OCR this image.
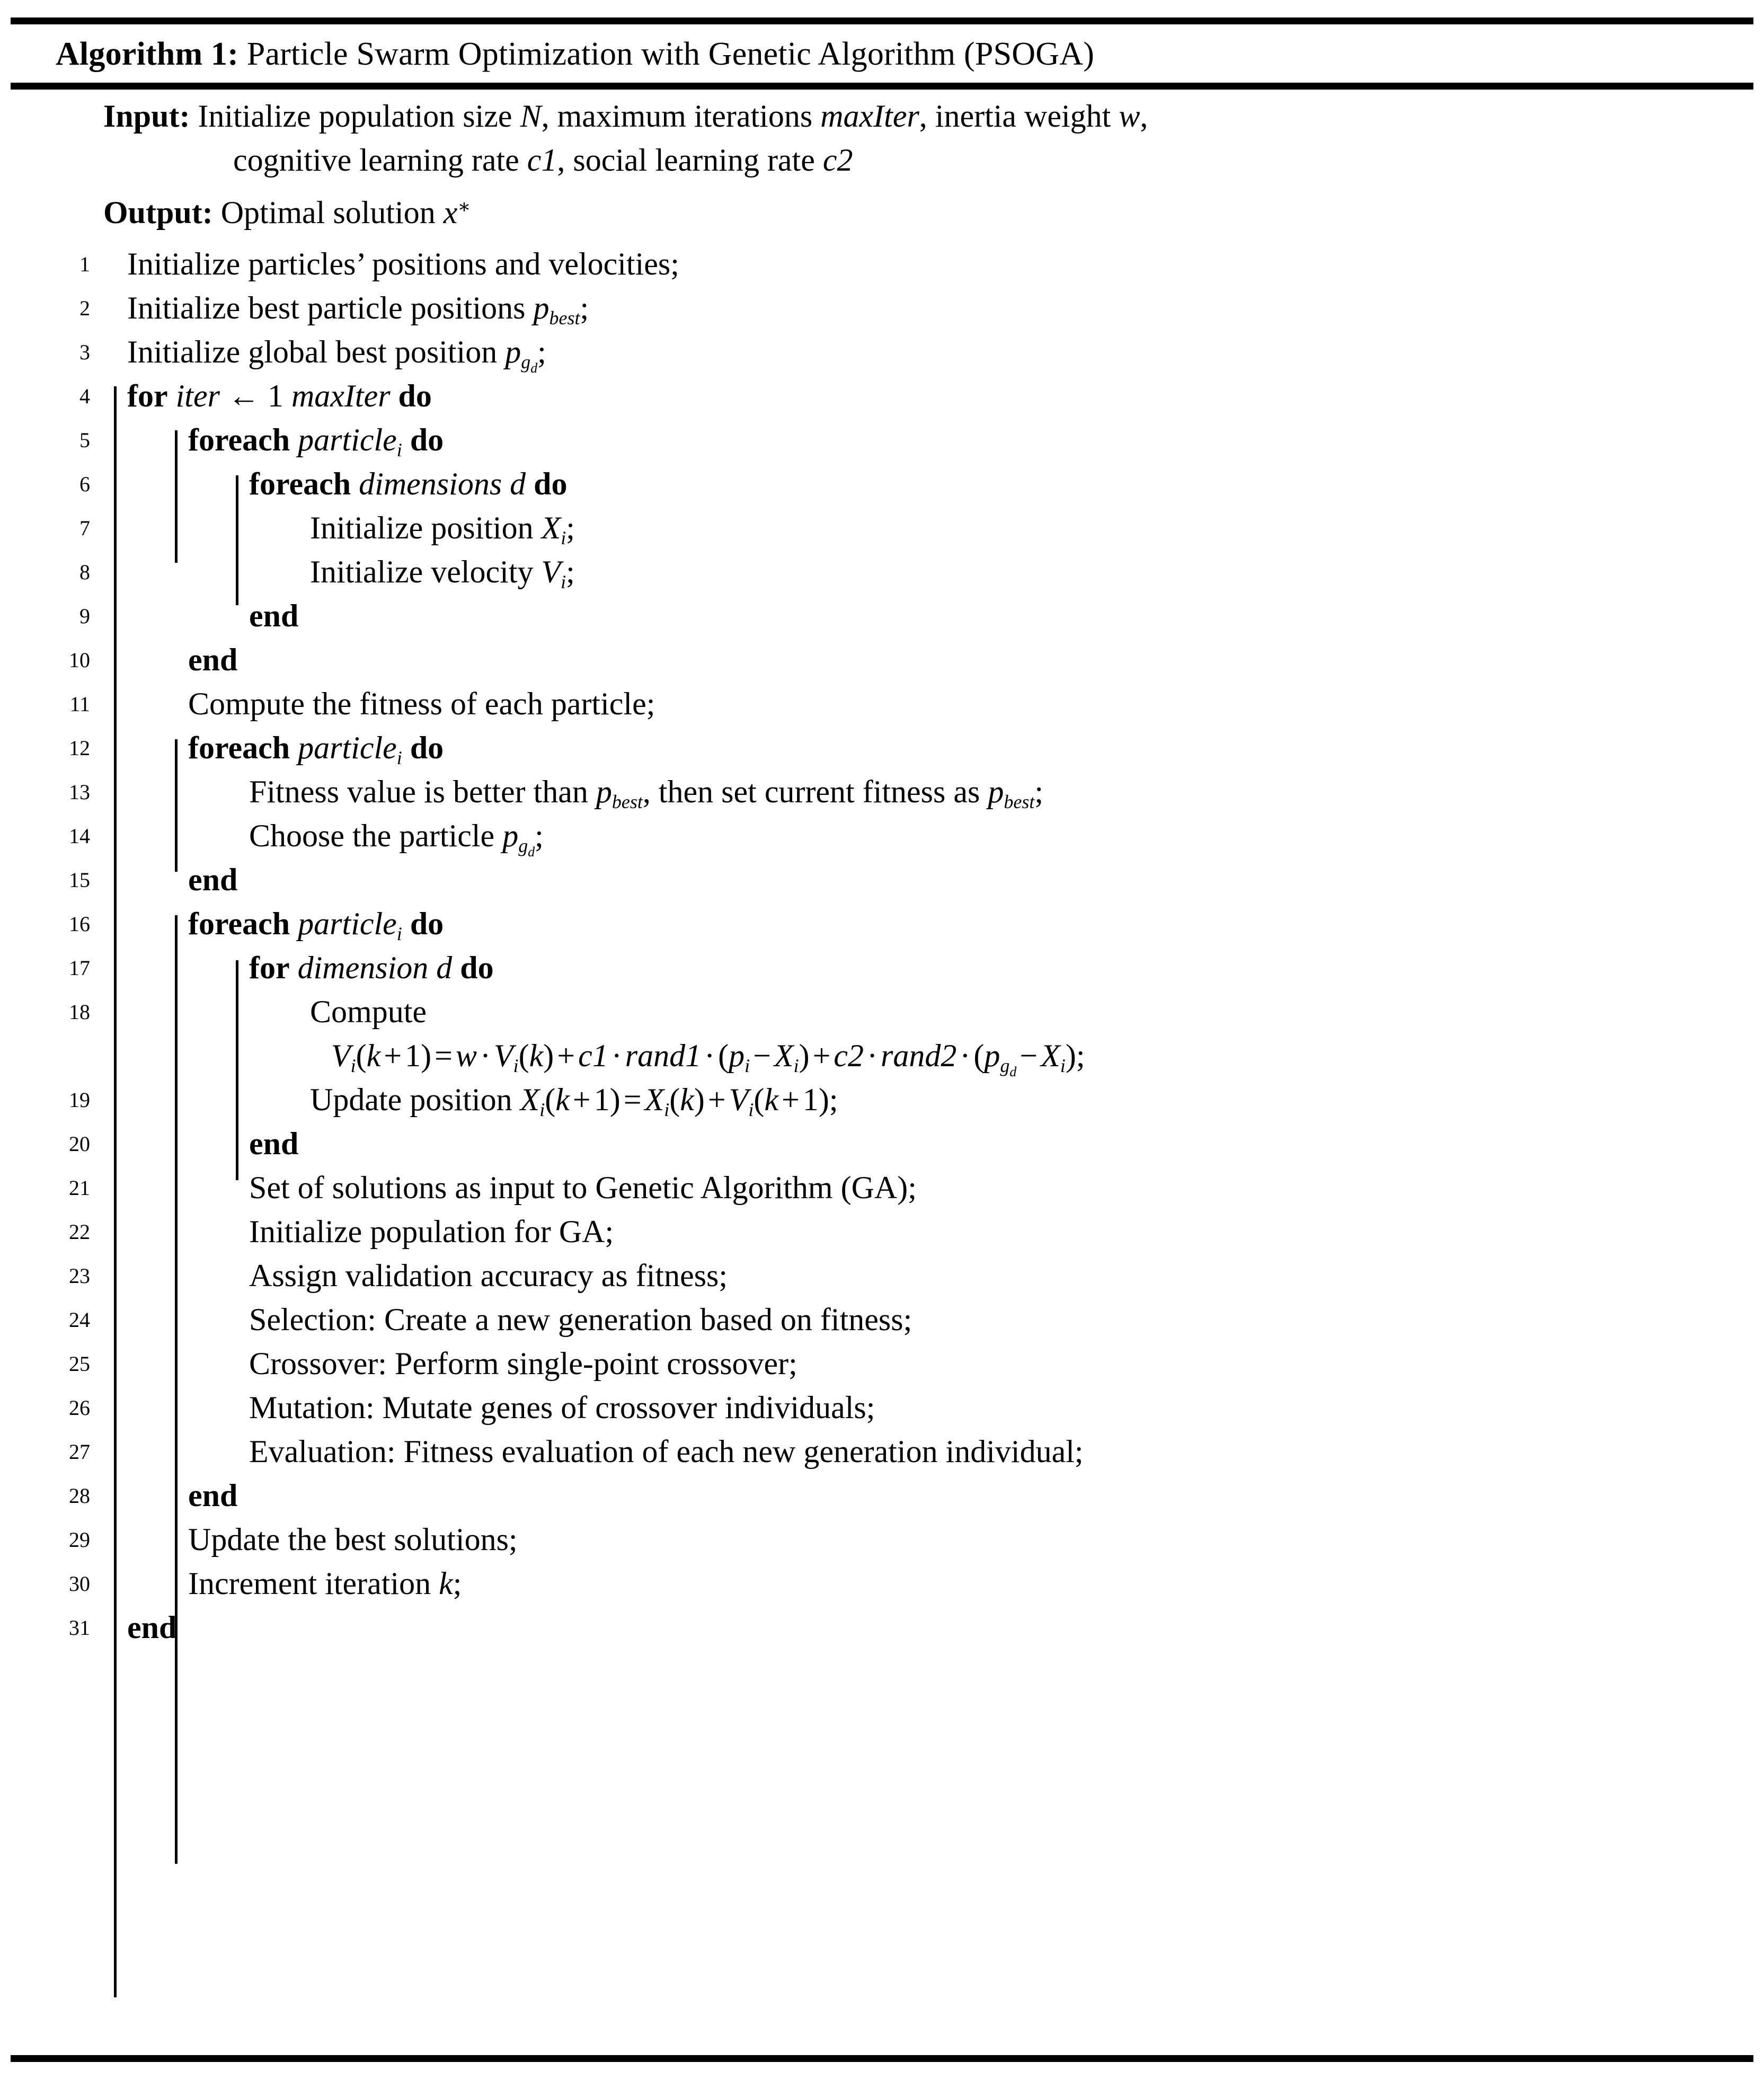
Algorithm 1: Particle Swarm Optimization with Genetic Algorithm (PSOGA)
Input: Initialize population size N, maximum iterations maxIter, inertia weight w,
cognitive learning rate c1, social learning rate c2
Output: Optimal solution x∗
1 Initialize particles’ positions and velocities;
2 Initialize best particle positions $p_{best}$;
3 Initialize global best position $p_{g_d}$;
4 for iter ← 1 maxIter do
5	foreach particle$_i$ do
6	foreach dimensions d do
7	Initialize position $X_i$;
8	Initialize velocity $V_i$;
9	end
10	end
11	Compute the fitness of each particle;
12	foreach particle$_i$ do
13	Fitness value is better than $p_{best}$, then set current fitness as $p_{best}$;
14	Choose the particle $p_{g_d}$;
15	end
16	foreach particle$_i$ do
17	for dimension d do
18	Compute
$V_i(k + 1) = w \cdot V_i(k) + c1$ · rand1 · $(p_i - X_i) + c2$ · rand2 · $(p_{g_d} - X_i)$;
19	Update position $X_i(k + 1) = X_i(k) + V_i(k + 1)$;
20	end
21	Set of solutions as input to Genetic Algorithm (GA);
22	Initialize population for GA;
23	Assign validation accuracy as fitness;
24	Selection: Create a new generation based on fitness;
25	Crossover: Perform single-point crossover;
26	Mutation: Mutate genes of crossover individuals;
27	Evaluation: Fitness evaluation of each new generation individual;
28	end
29	Update the best solutions;
30	Increment iteration k;
31 end
